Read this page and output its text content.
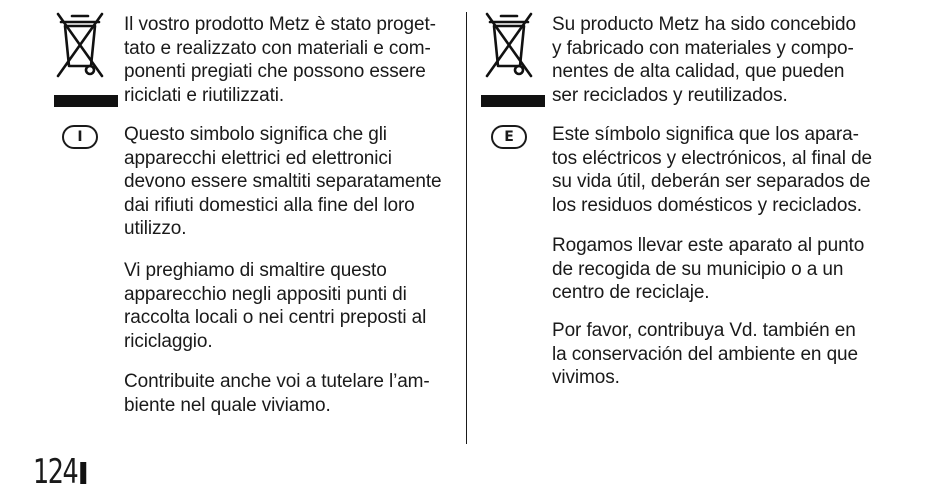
I
Il vostro prodotto Metz è stato proget-
tato e realizzato con materiali e com-
ponenti pregiati che possono essere
riciclati e riutilizzati.
Questo simbolo significa che gli
apparecchi elettrici ed elettronici
devono essere smaltiti separatamente
dai rifiuti domestici alla fine del loro
utilizzo.
Vi preghiamo di smaltire questo
apparecchio negli appositi punti di
raccolta locali o nei centri preposti al
riciclaggio.
Contribuite anche voi a tutelare l’am-
biente nel quale viviamo.
E
Su producto Metz ha sido concebido
y fabricado con materiales y compo-
nentes de alta calidad, que pueden
ser reciclados y reutilizados.
Este símbolo significa que los apara-
tos eléctricos y electrónicos, al final de
su vida útil, deberán ser separados de
los residuos domésticos y reciclados.
Rogamos llevar este aparato al punto
de recogida de su municipio o a un
centro de reciclaje.
Por favor, contribuya Vd. también en
la conservación del ambiente en que
vivimos.
124
